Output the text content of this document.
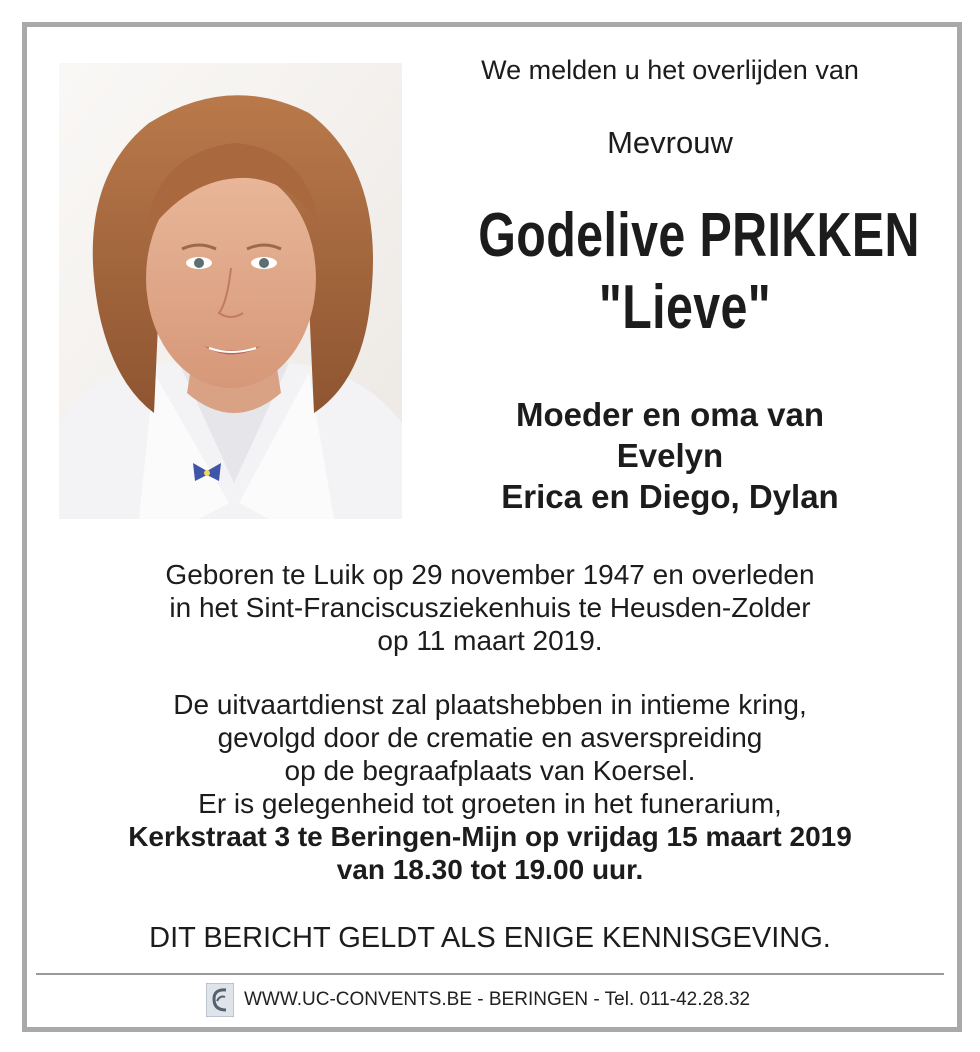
We melden u het overlijden van
Mevrouw
Godelive PRIKKEN
"Lieve"
Moeder en oma van
Evelyn
Erica en Diego, Dylan
Geboren te Luik op 29 november 1947 en overleden
in het Sint-Franciscusziekenhuis te Heusden-Zolder
op 11 maart 2019.
De uitvaartdienst zal plaatshebben in intieme kring,
gevolgd door de crematie en asverspreiding
op de begraafplaats van Koersel.
Er is gelegenheid tot groeten in het funerarium,
Kerkstraat 3 te Beringen-Mijn op vrijdag 15 maart 2019
van 18.30 tot 19.00 uur.
DIT BERICHT GELDT ALS ENIGE KENNISGEVING.
WWW.UC-CONVENTS.BE - BERINGEN - Tel. 011-42.28.32
